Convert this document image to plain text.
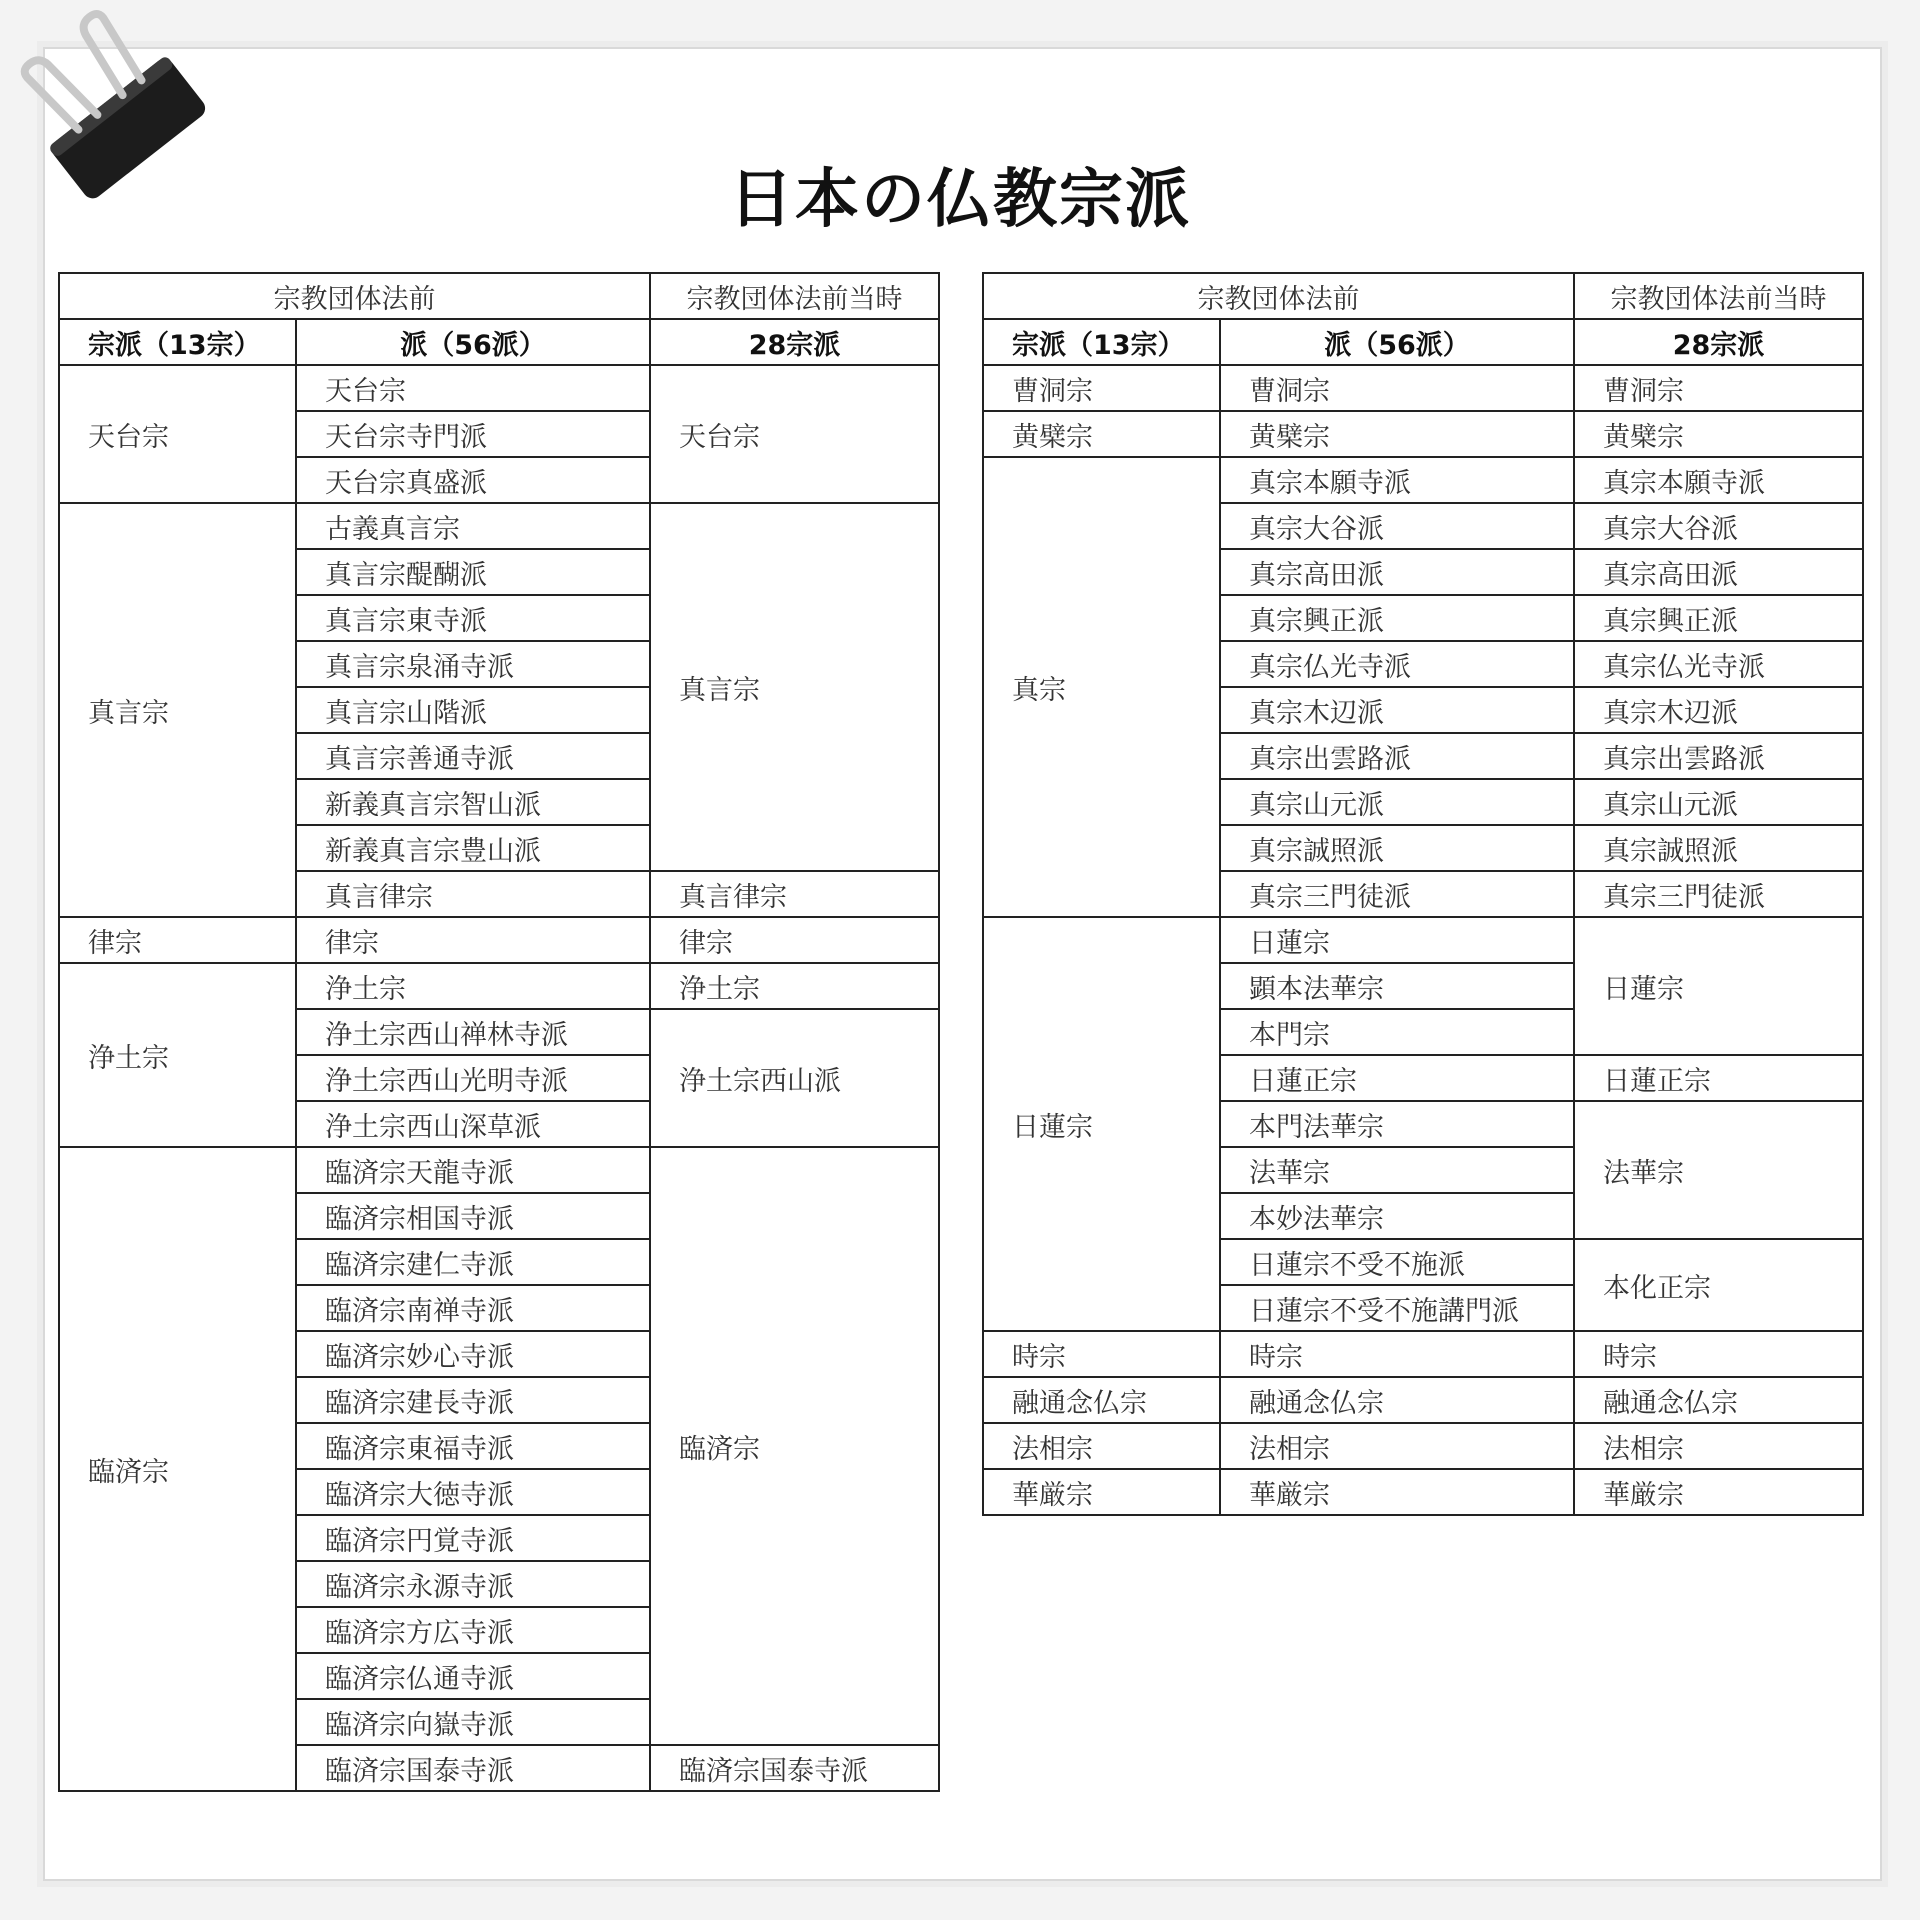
日本の仏教宗派
宗教団体法前		宗教団体法前当時
宗派（13宗）	派（56派）	28宗派
天台宗	天台宗	天台宗
	天台宗寺門派	
	天台宗真盛派	
真言宗	古義真言宗	真言宗
	真言宗醍醐派	
	真言宗東寺派	
	真言宗泉涌寺派	
	真言宗山階派	
	真言宗善通寺派	
	新義真言宗智山派	
	新義真言宗豊山派	
	真言律宗	真言律宗
律宗	律宗	律宗
浄土宗	浄土宗	浄土宗
	浄土宗西山禅林寺派	浄土宗西山派
	浄土宗西山光明寺派	
	浄土宗西山深草派	
臨済宗	臨済宗天龍寺派	臨済宗
	臨済宗相国寺派	
	臨済宗建仁寺派	
	臨済宗南禅寺派	
	臨済宗妙心寺派	
	臨済宗建長寺派	
	臨済宗東福寺派	
	臨済宗大徳寺派	
	臨済宗円覚寺派	
	臨済宗永源寺派	
	臨済宗方広寺派	
	臨済宗仏通寺派	
	臨済宗向嶽寺派	
	臨済宗国泰寺派	臨済宗国泰寺派
宗教団体法前		宗教団体法前当時
宗派（13宗）	派（56派）	28宗派
曹洞宗	曹洞宗	曹洞宗
黄檗宗	黄檗宗	黄檗宗
真宗	真宗本願寺派	真宗本願寺派
	真宗大谷派	真宗大谷派
	真宗高田派	真宗高田派
	真宗興正派	真宗興正派
	真宗仏光寺派	真宗仏光寺派
	真宗木辺派	真宗木辺派
	真宗出雲路派	真宗出雲路派
	真宗山元派	真宗山元派
	真宗誠照派	真宗誠照派
	真宗三門徒派	真宗三門徒派
日蓮宗	日蓮宗	日蓮宗
	顕本法華宗	
	本門宗	
	日蓮正宗	日蓮正宗
	本門法華宗	法華宗
	法華宗	
	本妙法華宗	
	日蓮宗不受不施派	本化正宗
	日蓮宗不受不施講門派	
時宗	時宗	時宗
融通念仏宗	融通念仏宗	融通念仏宗
法相宗	法相宗	法相宗
華厳宗	華厳宗	華厳宗
